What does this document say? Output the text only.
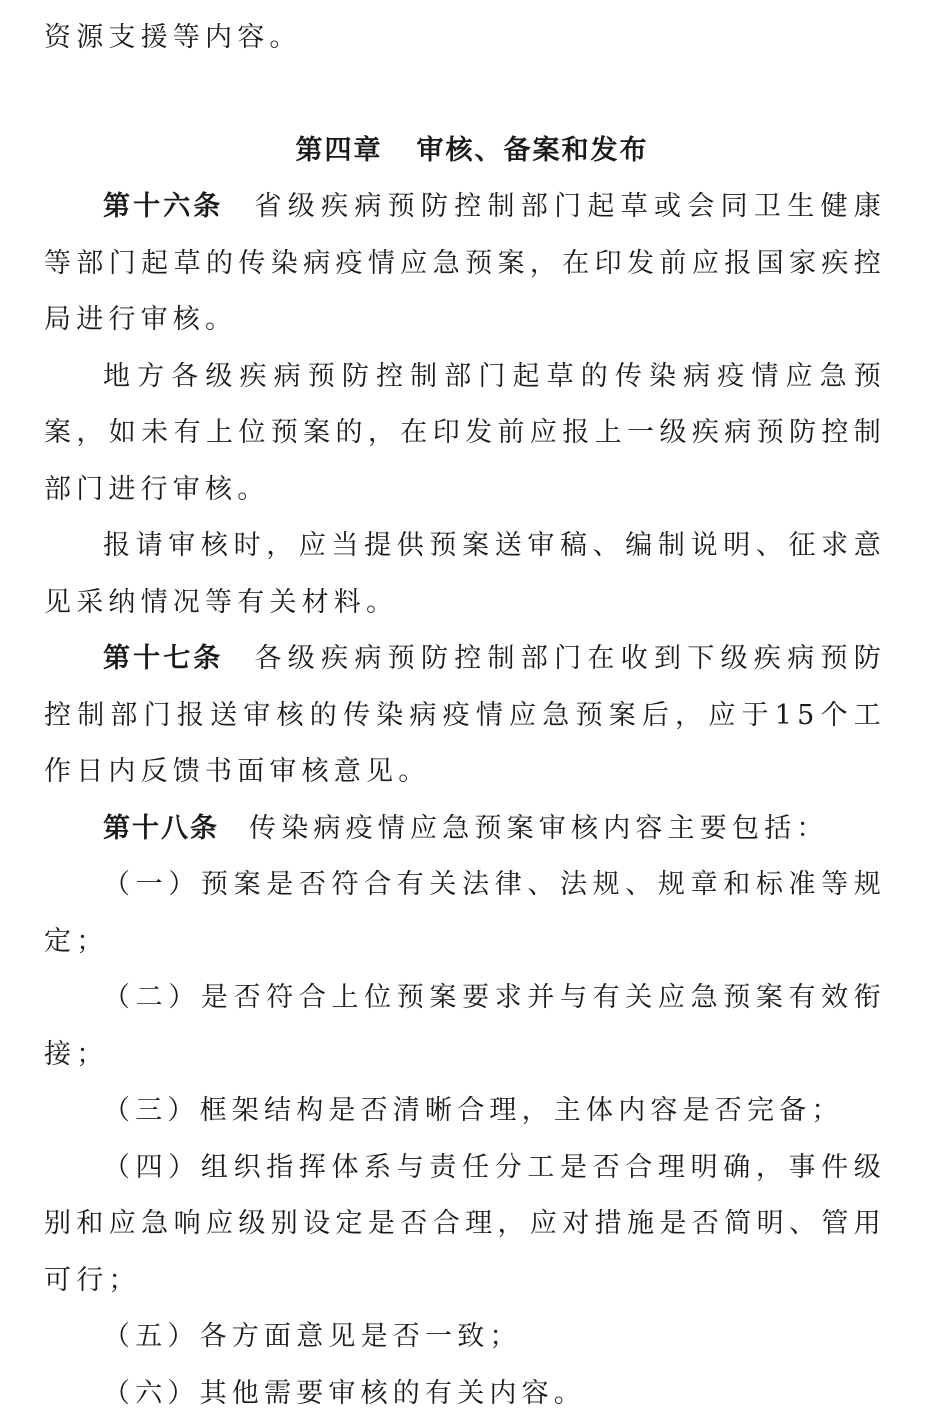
资源支援等内容。

第四章 审核、备案和发布

第十六条 省级疾病预防控制部门起草或会同卫生健康等部门起草的传染病疫情应急预案，在印发前应报国家疾控局进行审核。

地方各级疾病预防控制部门起草的传染病疫情应急预案，如未有上位预案的，在印发前应报上一级疾病预防控制部门进行审核。

报请审核时，应当提供预案送审稿、编制说明、征求意见采纳情况等有关材料。

第十七条 各级疾病预防控制部门在收到下级疾病预防控制部门报送审核的传染病疫情应急预案后，应于15个工作日内反馈书面审核意见。

第十八条 传染病疫情应急预案审核内容主要包括：

（一）预案是否符合有关法律、法规、规章和标准等规定；

（二）是否符合上位预案要求并与有关应急预案有效衔接；

（三）框架结构是否清晰合理，主体内容是否完备；

（四）组织指挥体系与责任分工是否合理明确，事件级别和应急响应级别设定是否合理，应对措施是否简明、管用可行；

（五）各方面意见是否一致；

（六）其他需要审核的有关内容。
